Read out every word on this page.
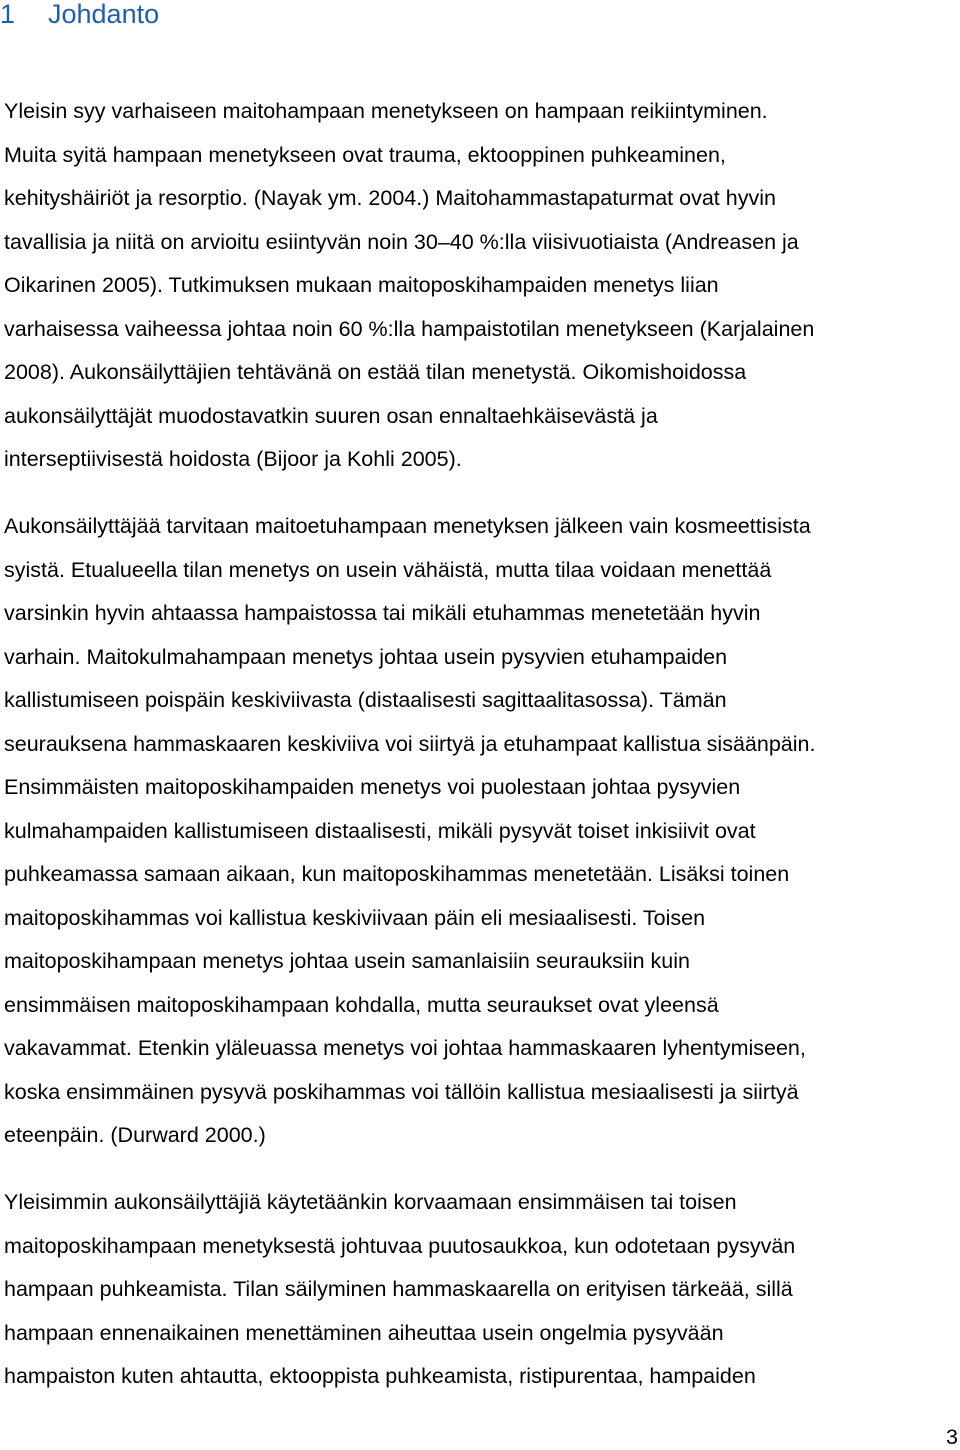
1 Johdanto
Yleisin syy varhaiseen maitohampaan menetykseen on hampaan reikiintyminen.
Muita syitä hampaan menetykseen ovat trauma, ektooppinen puhkeaminen,
kehityshäiriöt ja resorptio. (Nayak ym. 2004.) Maitohammastapaturmat ovat hyvin
tavallisia ja niitä on arvioitu esiintyvän noin 30–40 %:lla viisivuotiaista (Andreasen ja
Oikarinen 2005). Tutkimuksen mukaan maitoposkihampaiden menetys liian
varhaisessa vaiheessa johtaa noin 60 %:lla hampaistotilan menetykseen (Karjalainen
2008). Aukonsäilyttäjien tehtävänä on estää tilan menetystä. Oikomishoidossa
aukonsäilyttäjät muodostavatkin suuren osan ennaltaehkäisevästä ja
interseptiivisestä hoidosta (Bijoor ja Kohli 2005).
Aukonsäilyttäjää tarvitaan maitoetuhampaan menetyksen jälkeen vain kosmeettisista
syistä. Etualueella tilan menetys on usein vähäistä, mutta tilaa voidaan menettää
varsinkin hyvin ahtaassa hampaistossa tai mikäli etuhammas menetetään hyvin
varhain. Maitokulmahampaan menetys johtaa usein pysyvien etuhampaiden
kallistumiseen poispäin keskiviivasta (distaalisesti sagittaalitasossa). Tämän
seurauksena hammaskaaren keskiviiva voi siirtyä ja etuhampaat kallistua sisäänpäin.
Ensimmäisten maitoposkihampaiden menetys voi puolestaan johtaa pysyvien
kulmahampaiden kallistumiseen distaalisesti, mikäli pysyvät toiset inkisiivit ovat
puhkeamassa samaan aikaan, kun maitoposkihammas menetetään. Lisäksi toinen
maitoposkihammas voi kallistua keskiviivaan päin eli mesiaalisesti. Toisen
maitoposkihampaan menetys johtaa usein samanlaisiin seurauksiin kuin
ensimmäisen maitoposkihampaan kohdalla, mutta seuraukset ovat yleensä
vakavammat. Etenkin yläleuassa menetys voi johtaa hammaskaaren lyhentymiseen,
koska ensimmäinen pysyvä poskihammas voi tällöin kallistua mesiaalisesti ja siirtyä
eteenpäin. (Durward 2000.)
Yleisimmin aukonsäilyttäjiä käytetäänkin korvaamaan ensimmäisen tai toisen
maitoposkihampaan menetyksestä johtuvaa puutosaukkoa, kun odotetaan pysyvän
hampaan puhkeamista. Tilan säilyminen hammaskaarella on erityisen tärkeää, sillä
hampaan ennenaikainen menettäminen aiheuttaa usein ongelmia pysyvään
hampaiston kuten ahtautta, ektooppista puhkeamista, ristipurentaa, hampaiden
3
